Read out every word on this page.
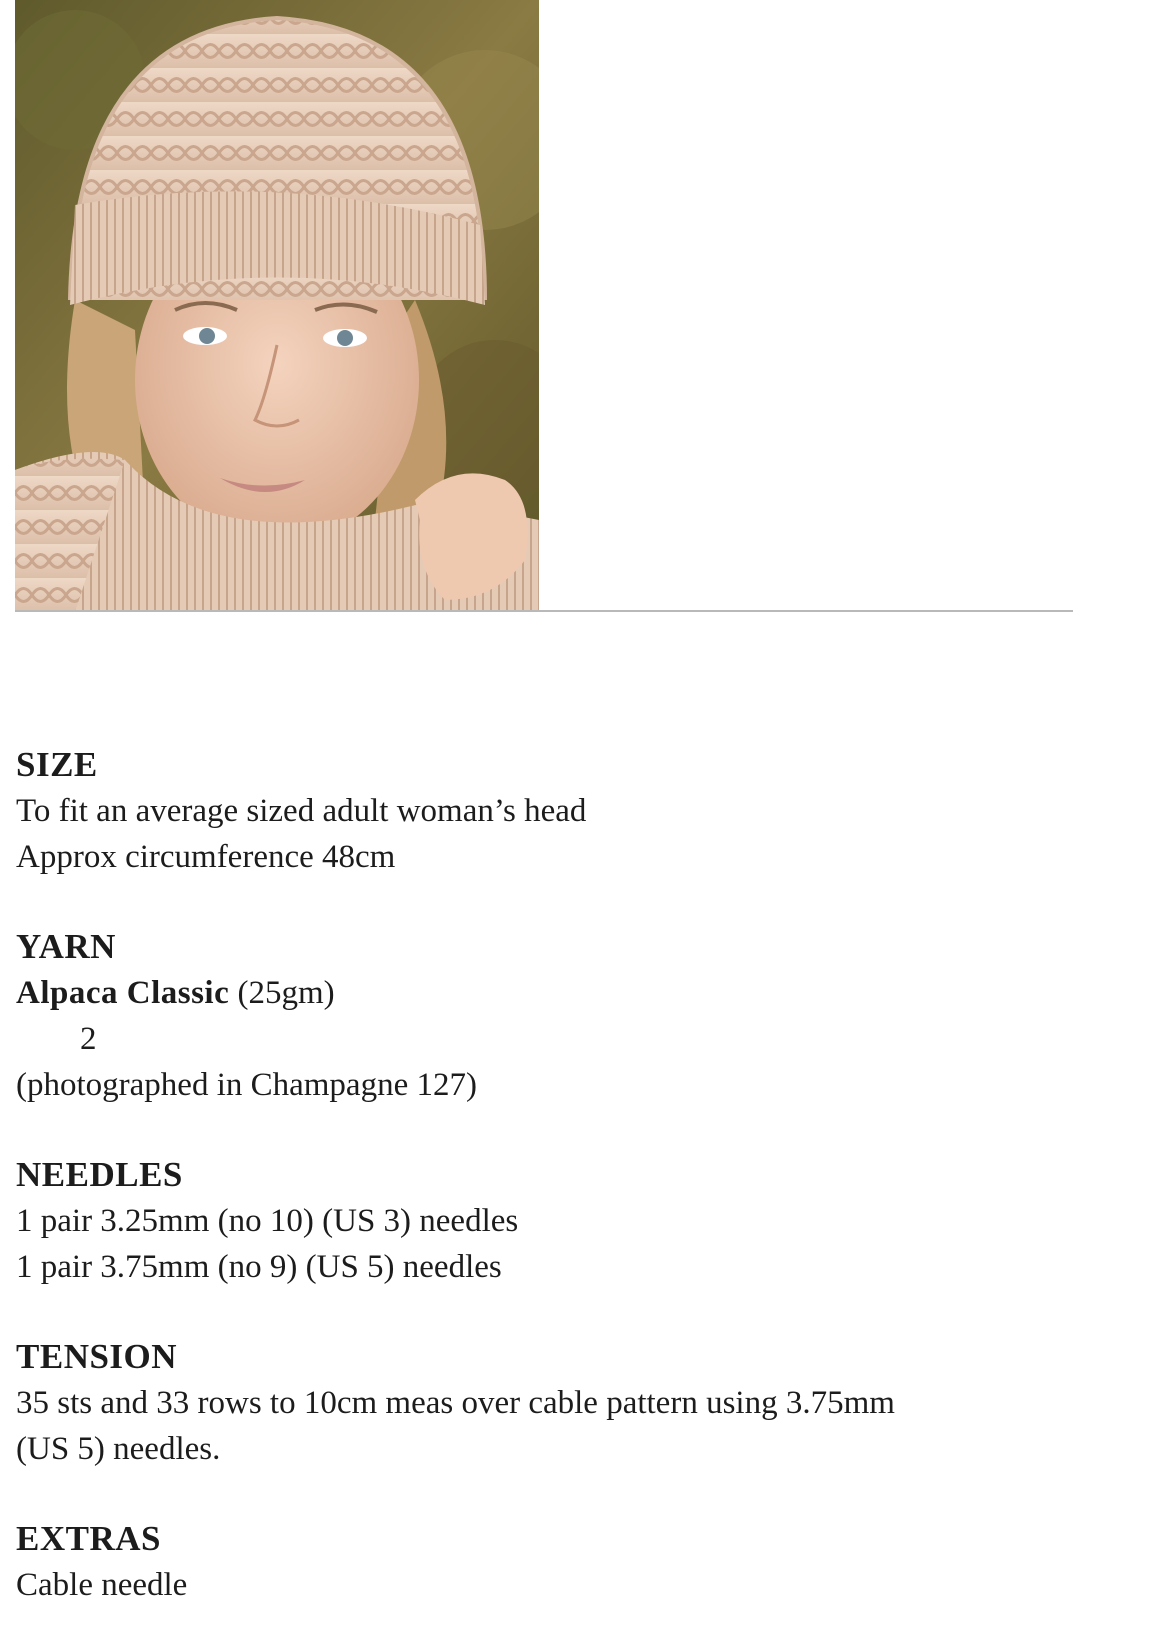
SIZE

To fit an average sized adult woman’s head

Approx circumference 48cm

YARN

Alpaca Classic (25gm)

2

(photographed in Champagne 127)

NEEDLES

1 pair 3.25mm (no 10) (US 3) needles

1 pair 3.75mm (no 9) (US 5) needles

TENSION

35 sts and 33 rows to 10cm meas over cable pattern using 3.75mm

(US 5) needles.

EXTRAS

Cable needle
